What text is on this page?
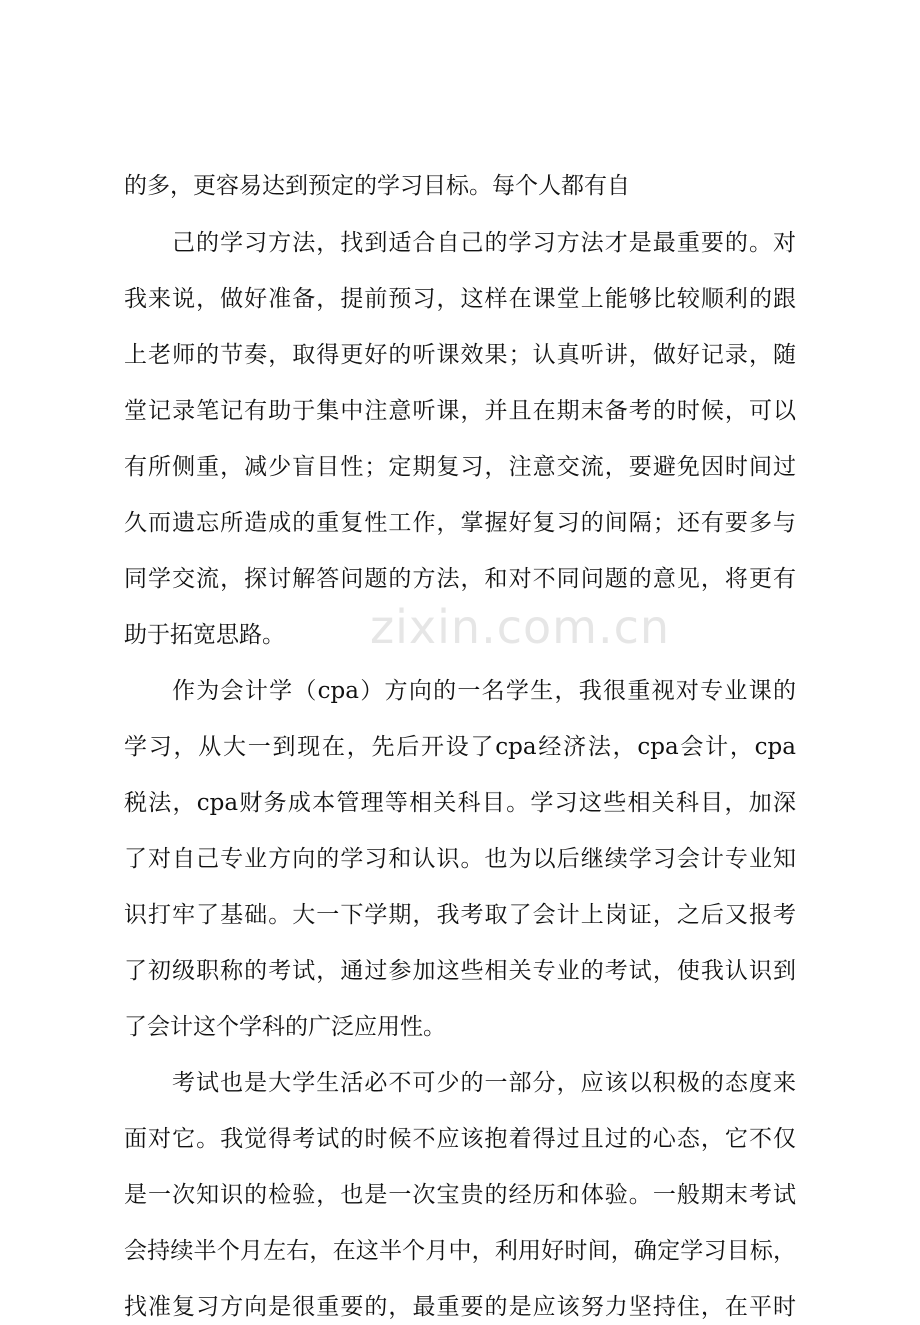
zixin.com.cn
的多，更容易达到预定的学习目标。每个人都有自
己的学习方法，找到适合自己的学习方法才是最重要的。对
我来说，做好准备，提前预习，这样在课堂上能够比较顺利的跟
上老师的节奏，取得更好的听课效果；认真听讲，做好记录，随
堂记录笔记有助于集中注意听课，并且在期末备考的时候，可以
有所侧重，减少盲目性；定期复习，注意交流，要避免因时间过
久而遗忘所造成的重复性工作，掌握好复习的间隔；还有要多与
同学交流，探讨解答问题的方法，和对不同问题的意见，将更有
助于拓宽思路。
作为会计学（cpa）方向的一名学生，我很重视对专业课的
学习，从大一到现在，先后开设了cpa经济法，cpa会计，cpa
税法，cpa财务成本管理等相关科目。学习这些相关科目，加深
了对自己专业方向的学习和认识。也为以后继续学习会计专业知
识打牢了基础。大一下学期，我考取了会计上岗证，之后又报考
了初级职称的考试，通过参加这些相关专业的考试，使我认识到
了会计这个学科的广泛应用性。
考试也是大学生活必不可少的一部分，应该以积极的态度来
面对它。我觉得考试的时候不应该抱着得过且过的心态，它不仅
是一次知识的检验，也是一次宝贵的经历和体验。一般期末考试
会持续半个月左右，在这半个月中，利用好时间，确定学习目标，
找准复习方向是很重要的，最重要的是应该努力坚持住，在平时
